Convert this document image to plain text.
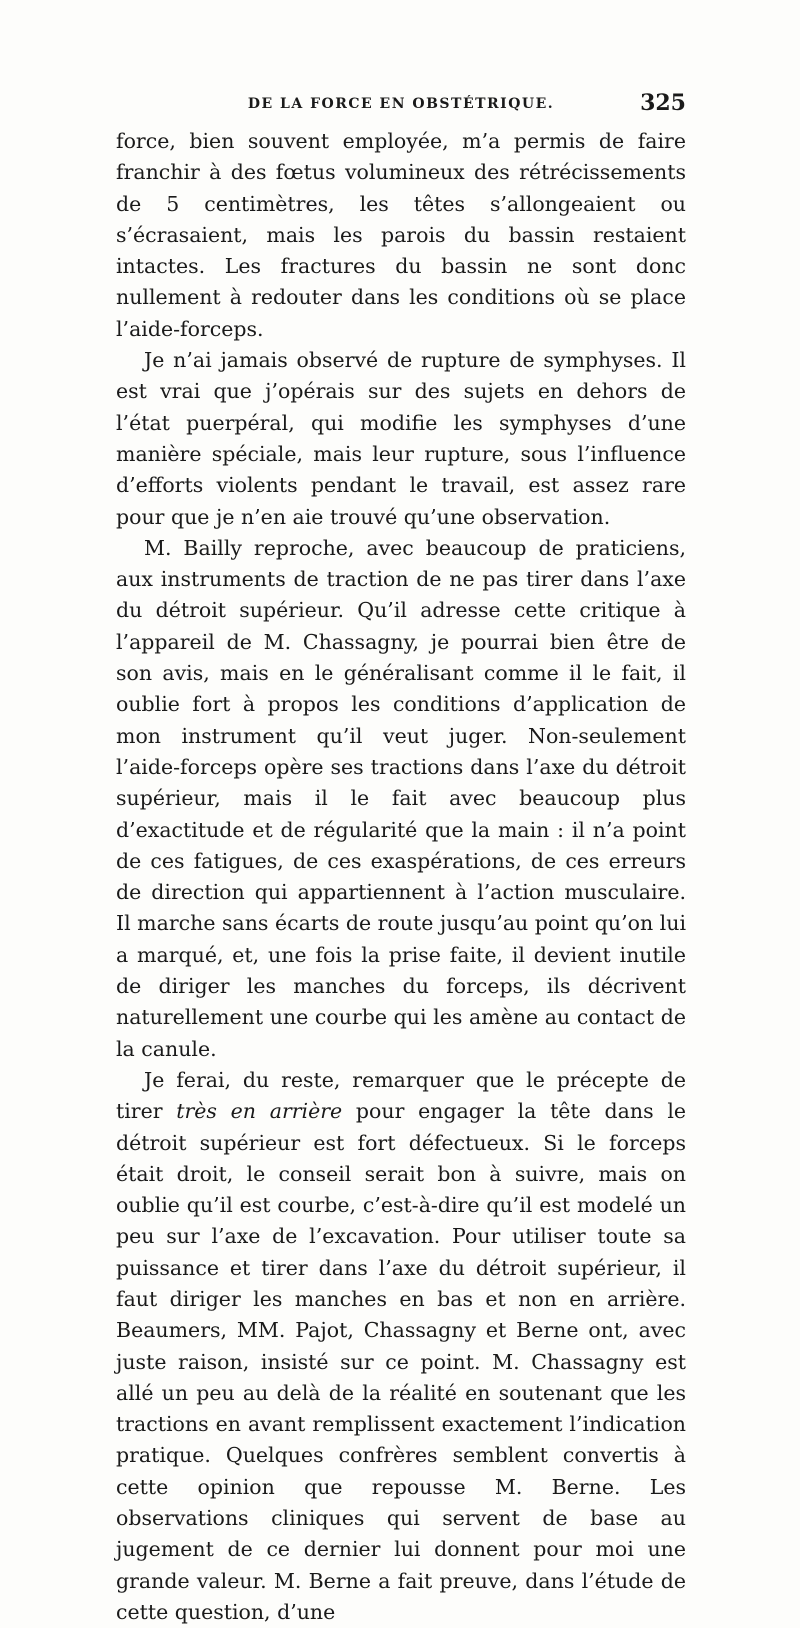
DE LA FORCE EN OBSTÉTRIQUE.	325

force, bien souvent employée, m’a permis de faire franchir à des fœtus volumineux des rétrécissements de 5 centimètres, les têtes s’allongeaient ou s’écrasaient, mais les parois du bassin restaient intactes. Les fractures du bassin ne sont donc nullement à redouter dans les conditions où se place l’aide-forceps.

Je n’ai jamais observé de rupture de symphyses. Il est vrai que j’opérais sur des sujets en dehors de l’état puerpéral, qui modifie les symphyses d’une manière spéciale, mais leur rupture, sous l’influence d’efforts violents pendant le travail, est assez rare pour que je n’en aie trouvé qu’une observation.

M. Bailly reproche, avec beaucoup de praticiens, aux instruments de traction de ne pas tirer dans l’axe du détroit supérieur. Qu’il adresse cette critique à l’appareil de M. Chassagny, je pourrai bien être de son avis, mais en le généralisant comme il le fait, il oublie fort à propos les conditions d’application de mon instrument qu’il veut juger. Non-seulement l’aide-forceps opère ses tractions dans l’axe du détroit supérieur, mais il le fait avec beaucoup plus d’exactitude et de régularité que la main : il n’a point de ces fatigues, de ces exaspérations, de ces erreurs de direction qui appartiennent à l’action musculaire. Il marche sans écarts de route jusqu’au point qu’on lui a marqué, et, une fois la prise faite, il devient inutile de diriger les manches du forceps, ils décrivent naturellement une courbe qui les amène au contact de la canule.

Je ferai, du reste, remarquer que le précepte de tirer très en arrière pour engager la tête dans le détroit supérieur est fort défectueux. Si le forceps était droit, le conseil serait bon à suivre, mais on oublie qu’il est courbe, c’est-à-dire qu’il est modelé un peu sur l’axe de l’excavation. Pour utiliser toute sa puissance et tirer dans l’axe du détroit supérieur, il faut diriger les manches en bas et non en arrière. Beaumers, MM. Pajot, Chassagny et Berne ont, avec juste raison, insisté sur ce point. M. Chassagny est allé un peu au delà de la réalité en soutenant que les tractions en avant remplissent exactement l’indication pratique. Quelques confrères semblent convertis à cette opinion que repousse M. Berne. Les observations cliniques qui servent de base au jugement de ce dernier lui donnent pour moi une grande valeur. M. Berne a fait preuve, dans l’étude de cette question, d’une
